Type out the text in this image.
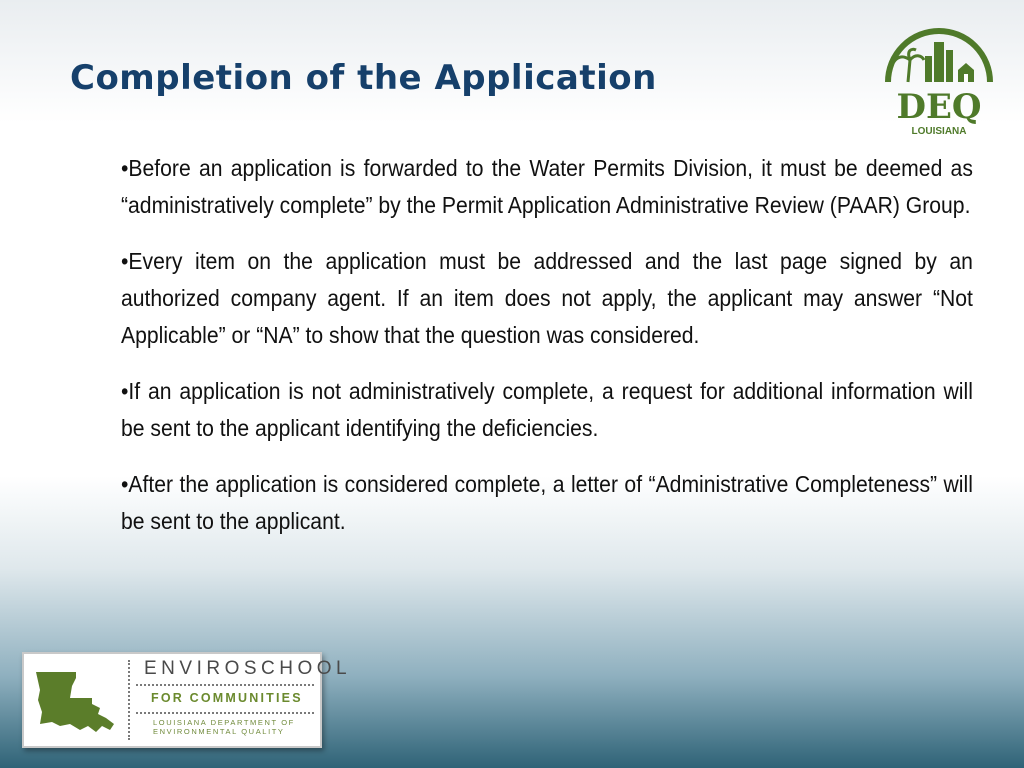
Completion of the Application
DEQ
LOUISIANA

•Before an application is forwarded to the Water Permits Division, it must be deemed as “administratively complete” by the Permit Application Administrative Review (PAAR) Group.

•Every item on the application must be addressed and the last page signed by an authorized company agent. If an item does not apply, the applicant may answer “Not Applicable” or “NA” to show that the question was considered.

•If an application is not administratively complete, a request for additional information will be sent to the applicant identifying the deficiencies.

•After the application is considered complete, a letter of “Administrative Completeness” will be sent to the applicant.

ENVIROSCHOOL
FOR COMMUNITIES
LOUISIANA DEPARTMENT OF
ENVIRONMENTAL QUALITY
